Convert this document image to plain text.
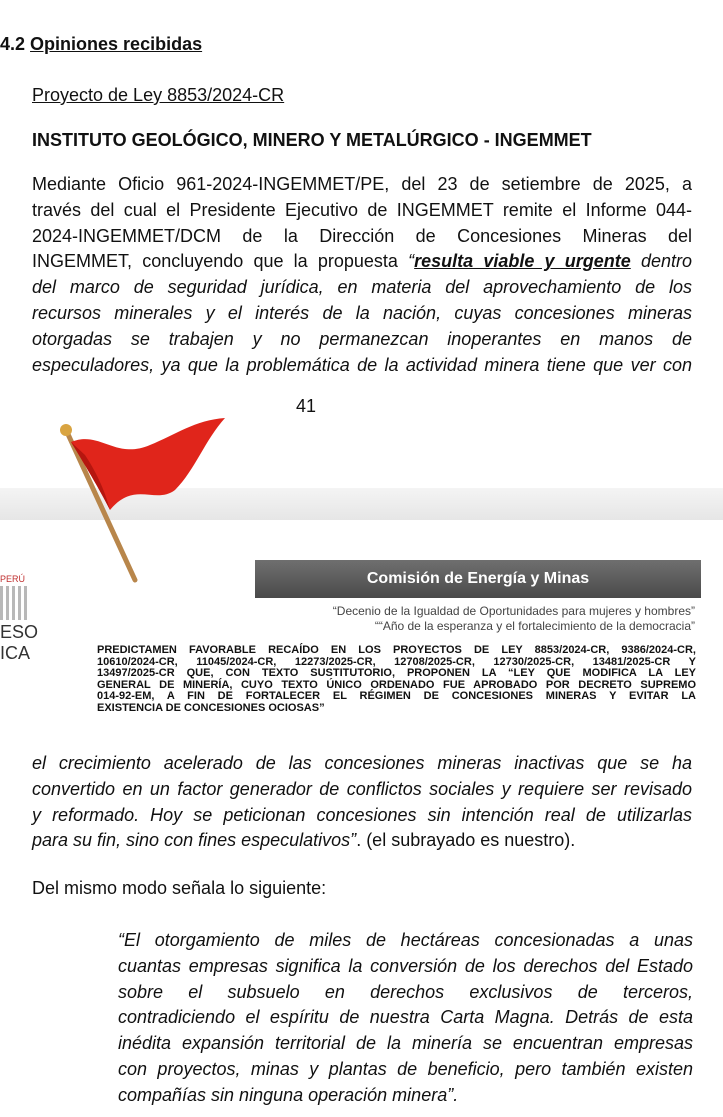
4.2 Opiniones recibidas
Proyecto de Ley 8853/2024-CR
INSTITUTO GEOLÓGICO, MINERO Y METALÚRGICO - INGEMMET
Mediante Oficio 961-2024-INGEMMET/PE, del 23 de setiembre de 2025, a
través del cual el Presidente Ejecutivo de INGEMMET remite el Informe 044-
2024-INGEMMET/DCM de la Dirección de Concesiones Mineras del
INGEMMET, concluyendo que la propuesta “resulta viable y urgente dentro
del marco de seguridad jurídica, en materia del aprovechamiento de los
recursos minerales y el interés de la nación, cuyas concesiones mineras
otorgadas se trabajen y no permanezcan inoperantes en manos de
especuladores, ya que la problemática de la actividad minera tiene que ver con
41
PERÚ
ESO
ICA
Comisión de Energía y Minas
“Decenio de la Igualdad de Oportunidades para mujeres y hombres”
““Año de la esperanza y el fortalecimiento de la democracia”
PREDICTAMEN FAVORABLE RECAÍDO EN LOS PROYECTOS DE LEY 8853/2024-CR, 9386/2024-CR,
10610/2024-CR, 11045/2024-CR, 12273/2025-CR, 12708/2025-CR, 12730/2025-CR, 13481/2025-CR Y
13497/2025-CR QUE, CON TEXTO SUSTITUTORIO, PROPONEN LA “LEY QUE MODIFICA LA LEY
GENERAL DE MINERÍA, CUYO TEXTO ÚNICO ORDENADO FUE APROBADO POR DECRETO SUPREMO
014-92-EM, A FIN DE FORTALECER EL RÉGIMEN DE CONCESIONES MINERAS Y EVITAR LA
EXISTENCIA DE CONCESIONES OCIOSAS”
el crecimiento acelerado de las concesiones mineras inactivas que se ha
convertido en un factor generador de conflictos sociales y requiere ser revisado
y reformado. Hoy se peticionan concesiones sin intención real de utilizarlas
para su fin, sino con fines especulativos”. (el subrayado es nuestro).
Del mismo modo señala lo siguiente:
“El otorgamiento de miles de hectáreas concesionadas a unas
cuantas empresas significa la conversión de los derechos del Estado
sobre el subsuelo en derechos exclusivos de terceros,
contradiciendo el espíritu de nuestra Carta Magna. Detrás de esta
inédita expansión territorial de la minería se encuentran empresas
con proyectos, minas y plantas de beneficio, pero también existen
compañías sin ninguna operación minera”.
